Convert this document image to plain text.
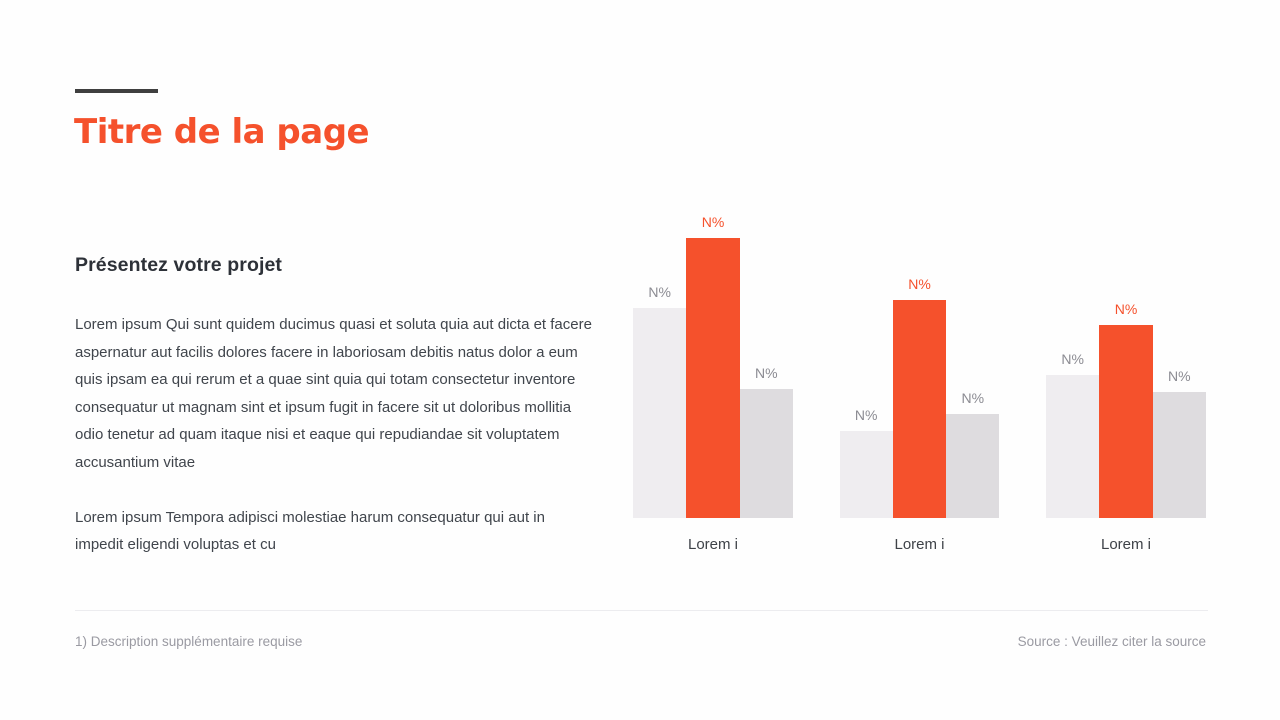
Titre de la page
Présentez votre projet

Lorem ipsum Qui sunt quidem ducimus quasi et soluta quia aut dicta et facere aspernatur aut facilis dolores facere in laboriosam debitis natus dolor a eum quis ipsam ea qui rerum et a quae sint quia qui totam consectetur inventore consequatur ut magnam sint et ipsum fugit in facere sit ut doloribus mollitia odio tenetur ad quam itaque nisi et eaque qui repudiandae sit voluptatem accusantium vitae

Lorem ipsum Tempora adipisci molestiae harum consequatur qui aut in impedit eligendi voluptas et cu

N%
N%
N%
Lorem i
N%
N%
N%
Lorem i
N%
N%
N%
Lorem i
1) Description supplémentaire requise	Source : Veuillez citer la source
